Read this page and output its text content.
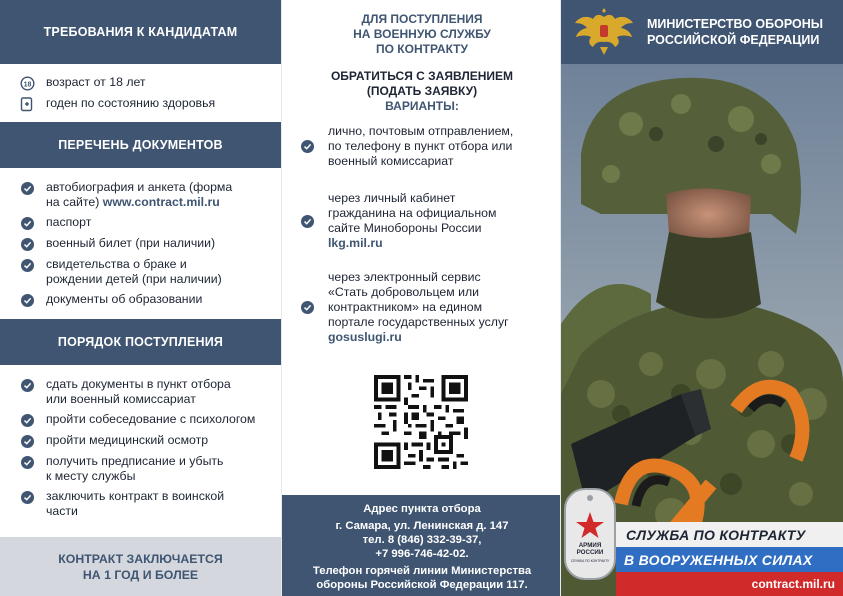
ТРЕБОВАНИЯ К КАНДИДАТАМ
18 возраст от 18 лет
годен по состоянию здоровья
ПЕРЕЧЕНЬ ДОКУМЕНТОВ
автобиография и анкета (форма
на сайте) www.contract.mil.ru
паспорт
военный билет (при наличии)
свидетельства о браке и
рождении детей (при наличии)
документы об образовании
ПОРЯДОК ПОСТУПЛЕНИЯ
сдать документы в пункт отбора
или военный комиссариат
пройти собеседование с психологом
пройти медицинский осмотр
получить предписание и убыть
к месту службы
заключить контракт в воинской
части
КОНТРАКТ ЗАКЛЮЧАЕТСЯ
НА 1 ГОД И БОЛЕЕ
ДЛЯ ПОСТУПЛЕНИЯ
НА ВОЕННУЮ СЛУЖБУ
ПО КОНТРАКТУ
ОБРАТИТЬСЯ С ЗАЯВЛЕНИЕМ
(ПОДАТЬ ЗАЯВКУ)
ВАРИАНТЫ:
лично, почтовым отправлением,
по телефону в пункт отбора или
военный комиссариат
через личный кабинет
гражданина на официальном
сайте Минобороны России
lkg.mil.ru
через электронный сервис
«Стать добровольцем или
контрактником» на едином
портале государственных услуг
gosuslugi.ru
Адрес пункта отбора
г. Самара, ул. Ленинская д. 147
тел. 8 (846) 332-39-37,
+7 996-746-42-02.
Телефон горячей линии Министерства
обороны Российской Федерации 117.
МИНИСТЕРСТВО ОБОРОНЫ
РОССИЙСКОЙ ФЕДЕРАЦИИ
АРМИЯ
РОССИИ
СЛУЖБА ПО КОНТРАКТУ
СЛУЖБА ПО КОНТРАКТУ
В ВООРУЖЕННЫХ СИЛАХ
contract.mil.ru
